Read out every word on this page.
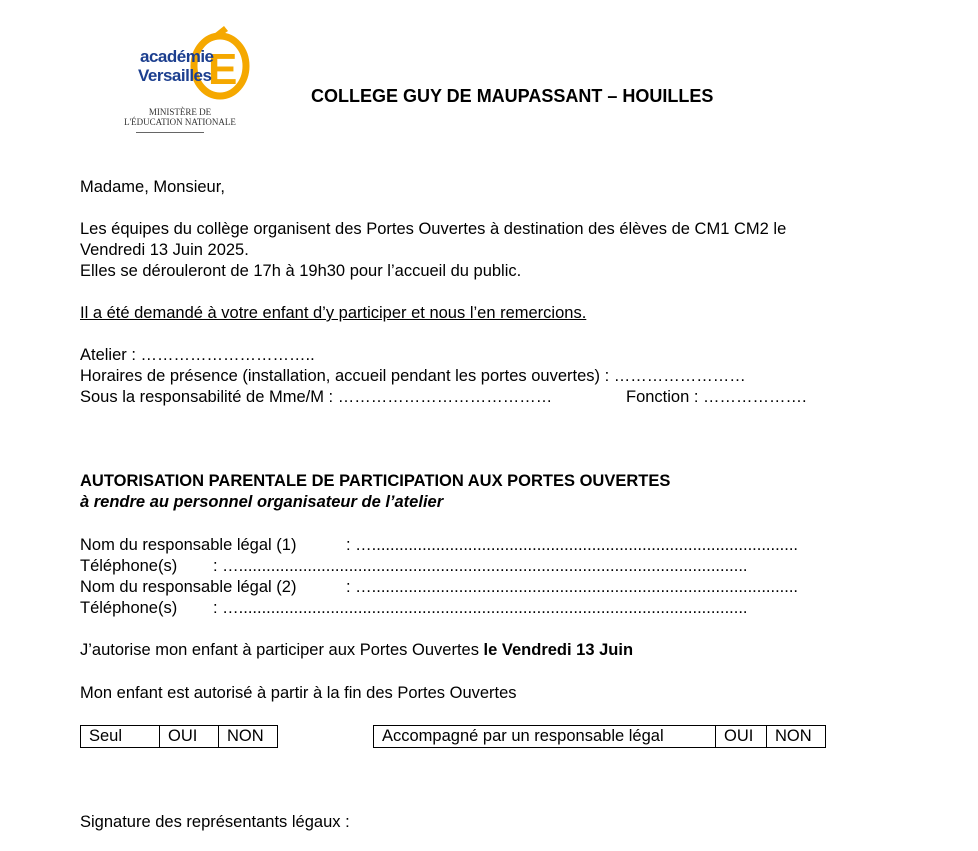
E
académie
Versailles
MINISTÈRE DE
L'ÉDUCATION NATIONALE
COLLEGE GUY DE MAUPASSANT – HOUILLES
Madame, Monsieur,
Les équipes du collège organisent des Portes Ouvertes à destination des élèves de CM1 CM2 le
Vendredi 13 Juin 2025.
Elles se dérouleront de 17h à 19h30 pour l’accueil du public.
Il a été demandé à votre enfant d’y participer et nous l’en remercions.
Atelier : …………………………..
Horaires de présence (installation, accueil pendant les portes ouvertes) : ……………………
Sous la responsabilité de Mme/M : …………………………………	Fonction : ……………….
AUTORISATION PARENTALE DE PARTICIPATION AUX PORTES OUVERTES
à rendre au personnel organisateur de l’atelier
Nom du responsable légal (1)	: ….............................................................................................
Téléphone(s) : …...............................................................................................................
Nom du responsable légal (2)	: ….............................................................................................
Téléphone(s) : …...............................................................................................................
J’autorise mon enfant à participer aux Portes Ouvertes le Vendredi 13 Juin
Mon enfant est autorisé à partir à la fin des Portes Ouvertes
Seul	OUI	NON	Accompagné par un responsable légal	OUI	NON
Signature des représentants légaux :
